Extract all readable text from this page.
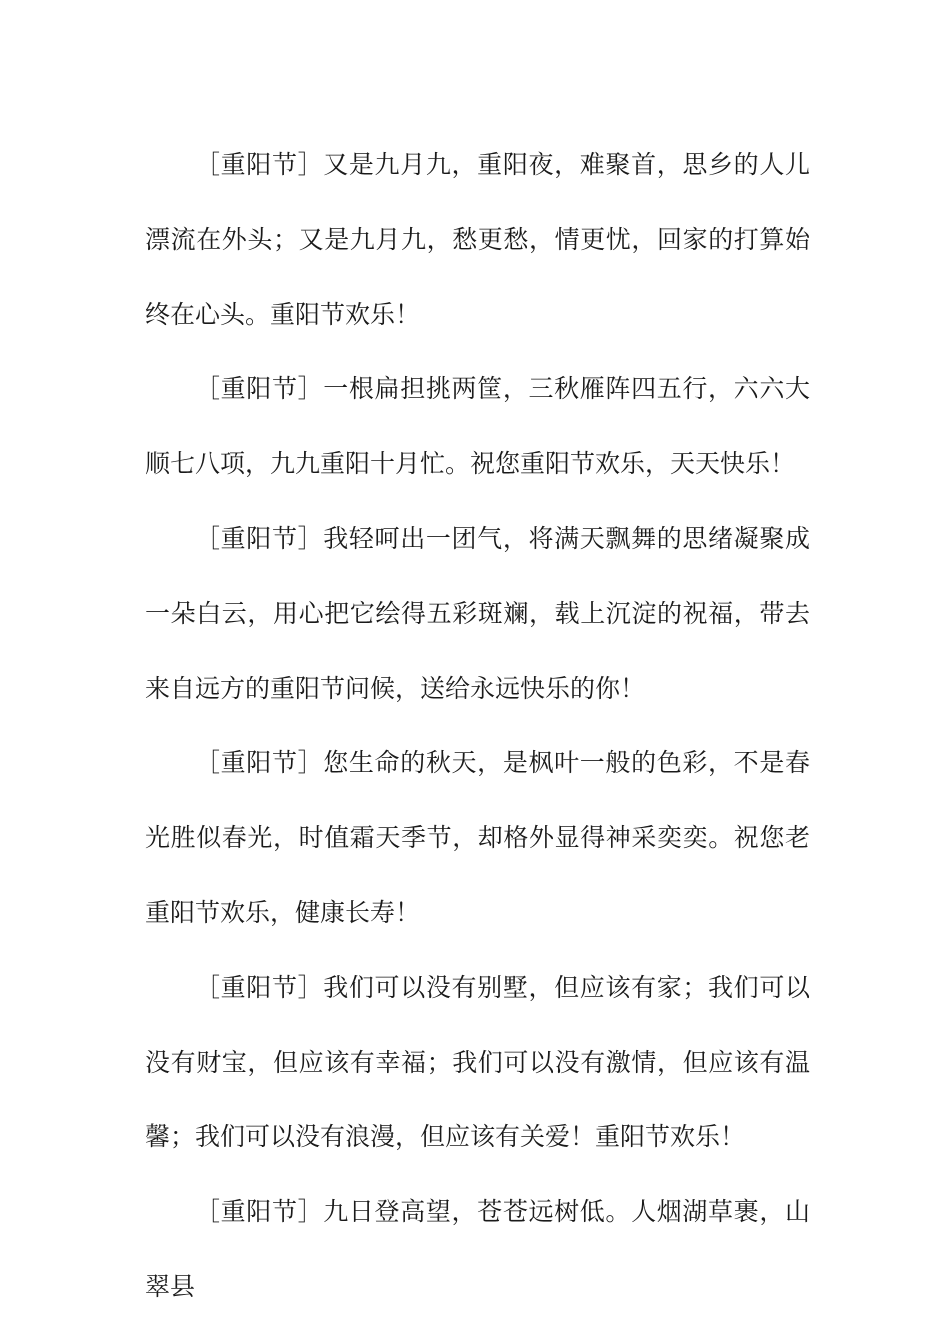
［重阳节］又是九月九，重阳夜，难聚首，思乡的人儿漂流在外头；又是九月九，愁更愁，情更忧，回家的打算始终在心头。重阳节欢乐！

［重阳节］一根扁担挑两筐，三秋雁阵四五行，六六大顺七八项，九九重阳十月忙。祝您重阳节欢乐，天天快乐！

［重阳节］我轻呵出一团气，将满天飘舞的思绪凝聚成一朵白云，用心把它绘得五彩斑斓，载上沉淀的祝福，带去来自远方的重阳节问候，送给永远快乐的你！

［重阳节］您生命的秋天，是枫叶一般的色彩，不是春光胜似春光，时值霜天季节，却格外显得神采奕奕。祝您老重阳节欢乐，健康长寿！

［重阳节］我们可以没有别墅，但应该有家；我们可以没有财宝，但应该有幸福；我们可以没有激情，但应该有温馨；我们可以没有浪漫，但应该有关爱！重阳节欢乐！

［重阳节］九日登高望，苍苍远树低。人烟湖草裹，山翠县
